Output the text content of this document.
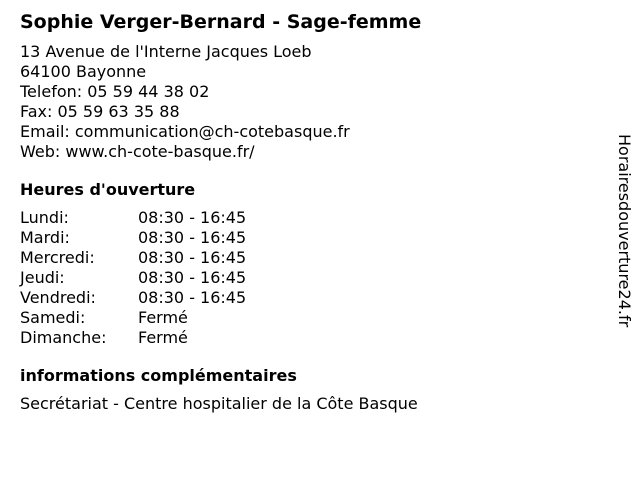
Sophie Verger-Bernard - Sage-femme
13 Avenue de l'Interne Jacques Loeb
64100 Bayonne
Telefon: 05 59 44 38 02
Fax: 05 59 63 35 88
Email: communication@ch-cotebasque.fr
Web: www.ch-cote-basque.fr/
Heures d'ouverture
Lundi:	08:30 - 16:45
Mardi:	08:30 - 16:45
Mercredi:	08:30 - 16:45
Jeudi:	08:30 - 16:45
Vendredi:	08:30 - 16:45
Samedi:	Fermé
Dimanche:	Fermé
informations complémentaires
Secrétariat - Centre hospitalier de la Côte Basque
Horairesdouverture24.fr
